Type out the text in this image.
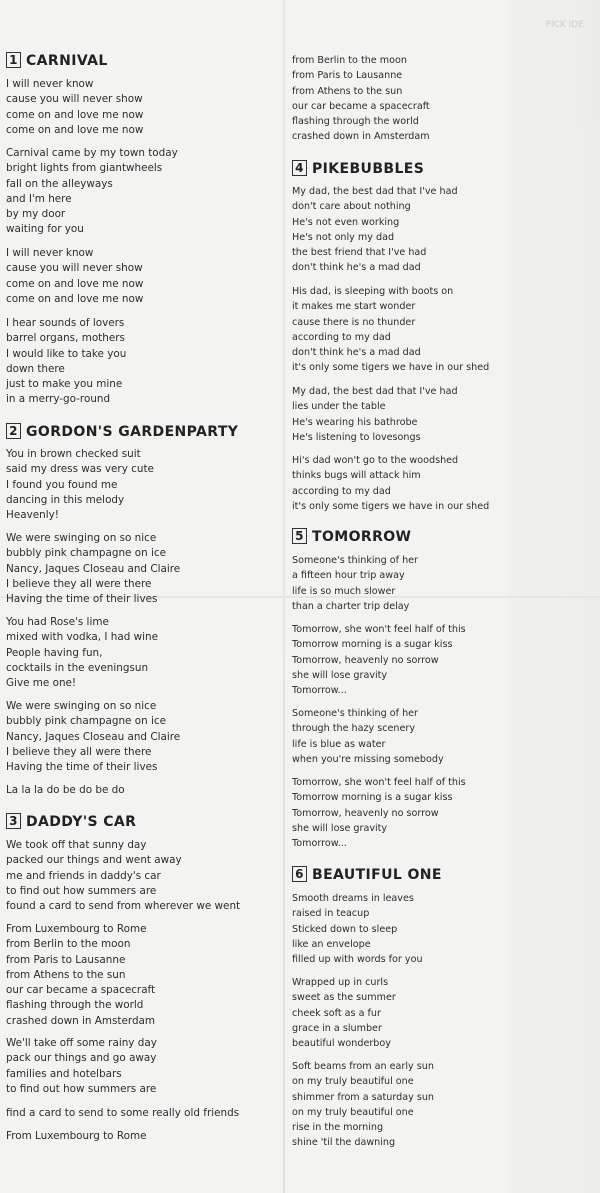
PICK IDE
1 CARNIVAL
I will never know
cause you will never show
come on and love me now
come on and love me now
Carnival came by my town today
bright lights from giantwheels
fall on the alleyways
and I'm here
by my door
waiting for you
I will never know
cause you will never show
come on and love me now
come on and love me now
I hear sounds of lovers
barrel organs, mothers
I would like to take you
down there
just to make you mine
in a merry-go-round
2 GORDON'S GARDENPARTY
You in brown checked suit
said my dress was very cute
I found you found me
dancing in this melody
Heavenly!
We were swinging on so nice
bubbly pink champagne on ice
Nancy, Jaques Closeau and Claire
I believe they all were there
Having the time of their lives
You had Rose's lime
mixed with vodka, I had wine
People having fun,
cocktails in the eveningsun
Give me one!
We were swinging on so nice
bubbly pink champagne on ice
Nancy, Jaques Closeau and Claire
I believe they all were there
Having the time of their lives
La la la do be do be do
3 DADDY'S CAR
We took off that sunny day
packed our things and went away
me and friends in daddy's car
to find out how summers are
found a card to send from wherever we went
From Luxembourg to Rome
from Berlin to the moon
from Paris to Lausanne
from Athens to the sun
our car became a spacecraft
flashing through the world
crashed down in Amsterdam
We'll take off some rainy day
pack our things and go away
families and hotelbars
to find out how summers are
find a card to send to some really old friends
From Luxembourg to Rome
from Berlin to the moon
from Paris to Lausanne
from Athens to the sun
our car became a spacecraft
flashing through the world
crashed down in Amsterdam
4 PIKEBUBBLES
My dad, the best dad that I've had
don't care about nothing
He's not even working
He's not only my dad
the best friend that I've had
don't think he's a mad dad
His dad, is sleeping with boots on
it makes me start wonder
cause there is no thunder
according to my dad
don't think he's a mad dad
it's only some tigers we have in our shed
My dad, the best dad that I've had
lies under the table
He's wearing his bathrobe
He's listening to lovesongs
Hi's dad won't go to the woodshed
thinks bugs will attack him
according to my dad
it's only some tigers we have in our shed
5 TOMORROW
Someone's thinking of her
a fifteen hour trip away
life is so much slower
than a charter trip delay
Tomorrow, she won't feel half of this
Tomorrow morning is a sugar kiss
Tomorrow, heavenly no sorrow
she will lose gravity
Tomorrow...
Someone's thinking of her
through the hazy scenery
life is blue as water
when you're missing somebody
Tomorrow, she won't feel half of this
Tomorrow morning is a sugar kiss
Tomorrow, heavenly no sorrow
she will lose gravity
Tomorrow...
6 BEAUTIFUL ONE
Smooth dreams in leaves
raised in teacup
Sticked down to sleep
like an envelope
filled up with words for you
Wrapped up in curls
sweet as the summer
cheek soft as a fur
grace in a slumber
beautiful wonderboy
Soft beams from an early sun
on my truly beautiful one
shimmer from a saturday sun
on my truly beautiful one
rise in the morning
shine 'til the dawning
